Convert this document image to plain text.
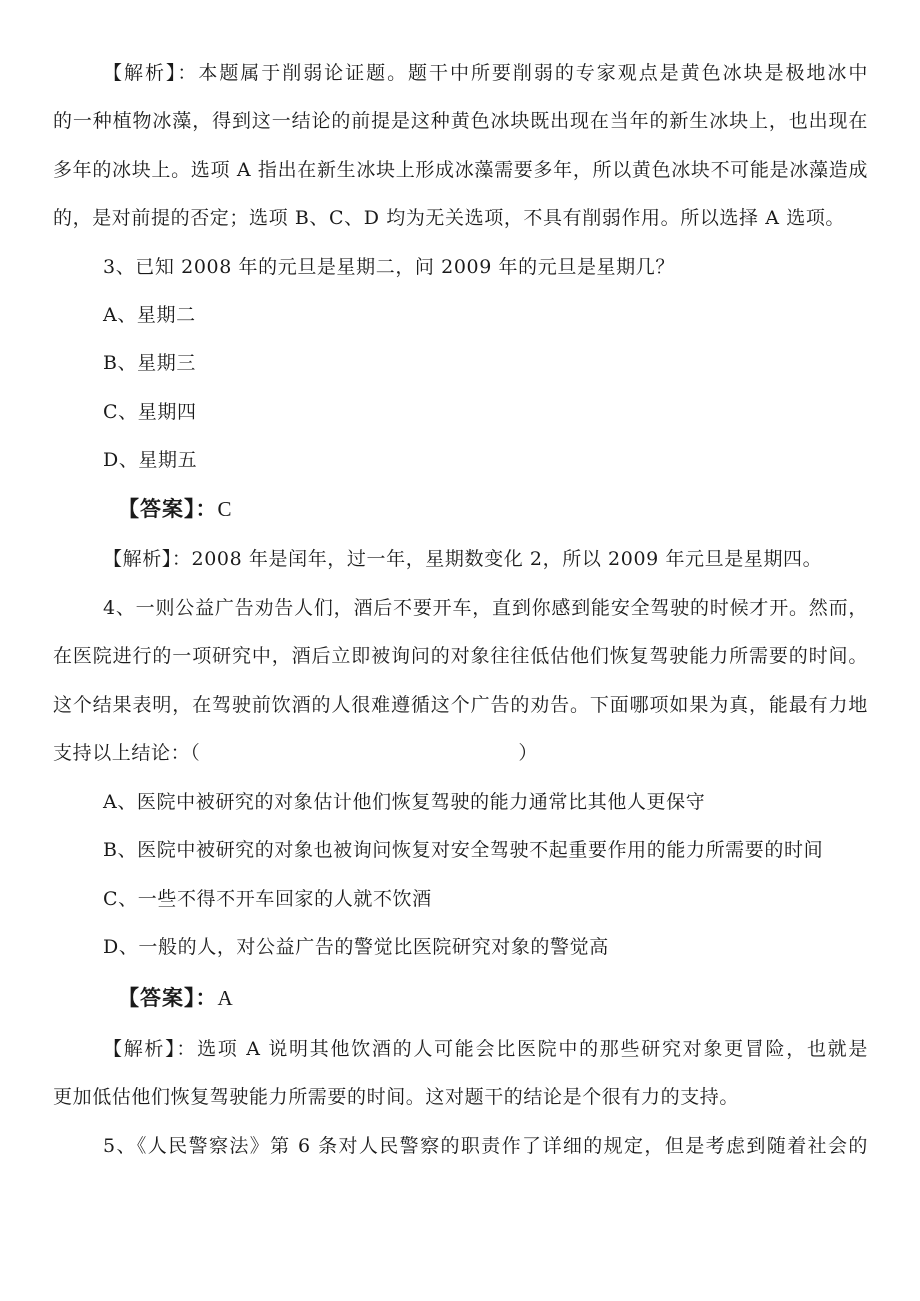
【解析】：本题属于削弱论证题。题干中所要削弱的专家观点是黄色冰块是极地冰中
的一种植物冰藻，得到这一结论的前提是这种黄色冰块既出现在当年的新生冰块上，也出现在
多年的冰块上。选项 A 指出在新生冰块上形成冰藻需要多年，所以黄色冰块不可能是冰藻造成
的，是对前提的否定；选项 B、C、D 均为无关选项，不具有削弱作用。所以选择 A 选项。
3、已知 2008 年的元旦是星期二，问 2009 年的元旦是星期几？
A、星期二
B、星期三
C、星期四
D、星期五
【答案】：C
【解析】：2008 年是闰年，过一年，星期数变化 2，所以 2009 年元旦是星期四。
4、一则公益广告劝告人们，酒后不要开车，直到你感到能安全驾驶的时候才开。然而，
在医院进行的一项研究中，酒后立即被询问的对象往往低估他们恢复驾驶能力所需要的时间。
这个结果表明，在驾驶前饮酒的人很难遵循这个广告的劝告。下面哪项如果为真，能最有力地
支持以上结论：（	）
A、医院中被研究的对象估计他们恢复驾驶的能力通常比其他人更保守
B、医院中被研究的对象也被询问恢复对安全驾驶不起重要作用的能力所需要的时间
C、一些不得不开车回家的人就不饮酒
D、一般的人，对公益广告的警觉比医院研究对象的警觉高
【答案】：A
【解析】：选项 A 说明其他饮酒的人可能会比医院中的那些研究对象更冒险，也就是
更加低估他们恢复驾驶能力所需要的时间。这对题干的结论是个很有力的支持。
5、《人民警察法》第 6 条对人民警察的职责作了详细的规定，但是考虑到随着社会的
